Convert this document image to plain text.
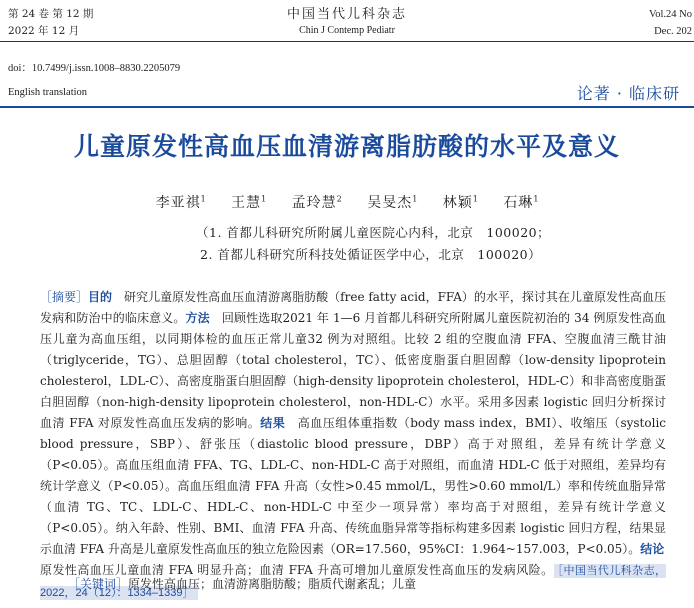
第 24 卷 第 12 期
2022 年 12 月
中国当代儿科杂志
Chin J Contemp Pediatr
Vol.24 No
Dec. 202
doi：10.7499/j.issn.1008–8830.2205079
English translation	论著 · 临床研
儿童原发性高血压血清游离脂肪酸的水平及意义
李亚祺$^1$ 王慧$^1$ 孟玲慧$^2$ 吴旻杰$^1$ 林颖$^1$ 石琳$^1$
（1. 首都儿科研究所附属儿童医院心内科，北京　100020；
2. 首都儿科研究所科技处循证医学中心，北京　100020）
［摘要］目的　研究儿童原发性高血压血清游离脂肪酸（free fatty acid，FFA）的水平，探讨其在儿童原发性高血压发病和防治中的临床意义。方法　回顾性选取2021 年 1—6 月首都儿科研究所附属儿童医院初治的 34 例原发性高血压儿童为高血压组，以同期体检的血压正常儿童32 例为对照组。比较 2 组的空腹血清 FFA、空腹血清三酰甘油（triglyceride，TG）、总胆固醇（total cholesterol，TC）、低密度脂蛋白胆固醇（low-density lipoprotein cholesterol，LDL-C）、高密度脂蛋白胆固醇（high-density lipoprotein cholesterol，HDL-C）和非高密度脂蛋白胆固醇（non-high-density lipoprotein cholesterol，non-HDL-C）水平。采用多因素 logistic 回归分析探讨血清 FFA 对原发性高血压发病的影响。结果　高血压组体重指数（body mass index，BMI）、收缩压（systolic blood pressure，SBP）、舒张压（diastolic blood pressure，DBP）高于对照组，差异有统计学意义（P<0.05）。高血压组血清 FFA、TG、LDL-C、non-HDL-C 高于对照组，而血清 HDL-C 低于对照组，差异均有统计学意义（P<0.05）。高血压组血清 FFA 升高（女性>0.45 mmol/L，男性>0.60 mmol/L）率和传统血脂异常（血清 TG、TC、LDL-C、HDL-C、non-HDL-C 中至少一项异常）率均高于对照组，差异有统计学意义（P<0.05）。纳入年龄、性别、BMI、血清 FFA 升高、传统血脂异常等指标构建多因素 logistic 回归方程，结果显示血清 FFA 升高是儿童原发性高血压的独立危险因素（OR=17.560，95%CI：1.964~157.003，P<0.05）。结论　原发性高血压儿童血清 FFA 明显升高；血清 FFA 升高可增加儿童原发性高血压的发病风险。 ［中国当代儿科杂志，2022，24（12）：1334–1339］
［关键词］原发性高血压；血清游离脂肪酸；脂质代谢紊乱；儿童
